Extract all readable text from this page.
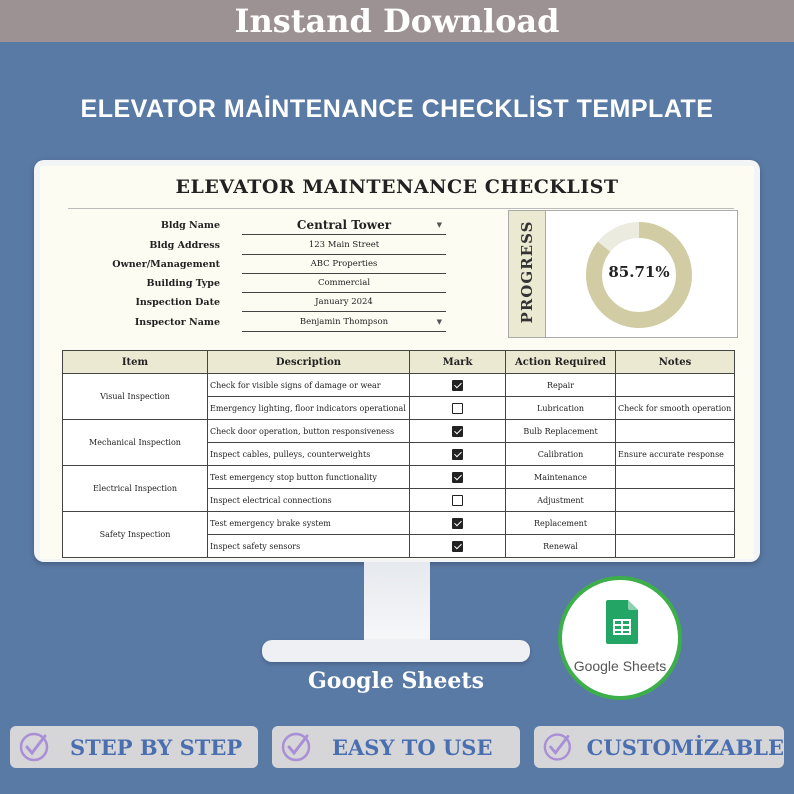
Instand Download
ELEVATOR MAİNTENANCE CHECKLİST TEMPLATE
ELEVATOR MAINTENANCE CHECKLIST
Bldg Name	Central Tower	▼
Bldg Address	123 Main Street
Owner/Management	ABC Properties
Building Type	Commercial
Inspection Date	January 2024
Inspector Name	Benjamin Thompson	▼	PROGRESS	85.71%
Item	Description	Mark	Action Required	Notes
Visual Inspection	Check for visible signs of damage or wear		Repair	
	Emergency lighting, floor indicators operational		Lubrication	Check for smooth operation
Mechanical Inspection	Check door operation, button responsiveness		Bulb Replacement	
	Inspect cables, pulleys, counterweights		Calibration	Ensure accurate response
Electrical Inspection	Test emergency stop button functionality		Maintenance	
	Inspect electrical connections		Adjustment	
Safety Inspection	Test emergency brake system		Replacement	
	Inspect safety sensors		Renewal	
Google Sheets
Google Sheets
STEP BY STEP	EASY TO USE	CUSTOMİZABLE
